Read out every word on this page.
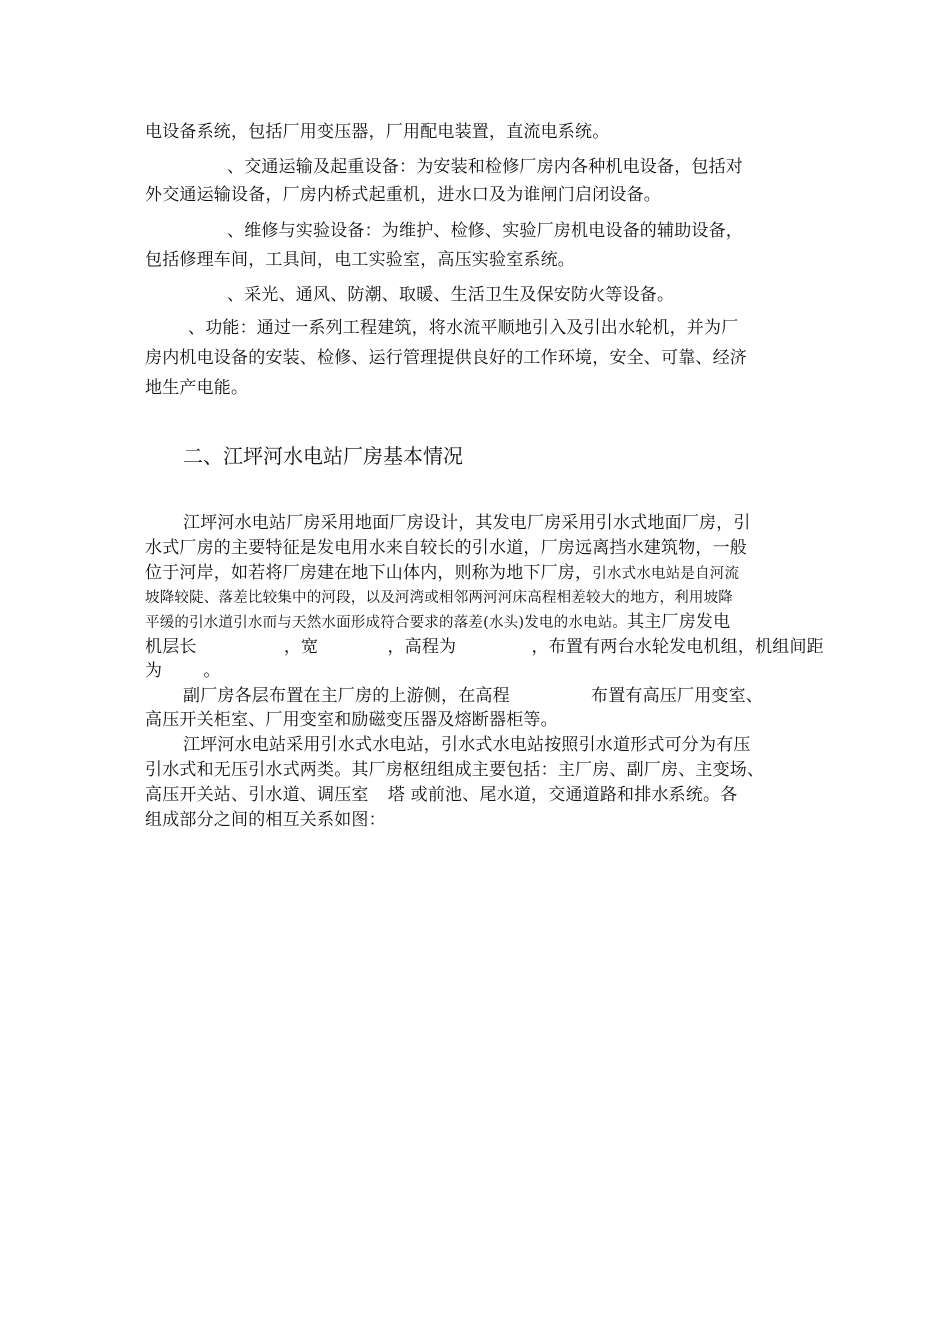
电设备系统，包括厂用变压器，厂用配电装置，直流电系统。
、交通运输及起重设备：为安装和检修厂房内各种机电设备，包括对
外交通运输设备，厂房内桥式起重机，进水口及为谁闸门启闭设备。
、维修与实验设备：为维护、检修、实验厂房机电设备的辅助设备，
包括修理车间，工具间，电工实验室，高压实验室系统。
、采光、通风、防潮、取暖、生活卫生及保安防火等设备。
、功能：通过一系列工程建筑，将水流平顺地引入及引出水轮机，并为厂
房内机电设备的安装、检修、运行管理提供良好的工作环境，安全、可靠、经济
地生产电能。
二、江坪河水电站厂房基本情况
江坪河水电站厂房采用地面厂房设计，其发电厂房采用引水式地面厂房，引
水式厂房的主要特征是发电用水来自较长的引水道，厂房远离挡水建筑物，一般
位于河岸，如若将厂房建在地下山体内，则称为地下厂房，引水式水电站是自河流
坡降较陡、落差比较集中的河段，以及河湾或相邻两河河床高程相差较大的地方，利用坡降
平缓的引水道引水而与天然水面形成符合要求的落差(水头)发电的水电站。其主厂房发电
机层长	，宽	，高程为	，布置有两台水轮发电机组，机组间距
为 。
副厂房各层布置在主厂房的上游侧，在高程	布置有高压厂用变室、
高压开关柜室、厂用变室和励磁变压器及熔断器柜等。
江坪河水电站采用引水式水电站，引水式水电站按照引水道形式可分为有压
引水式和无压引水式两类。其厂房枢纽组成主要包括：主厂房、副厂房、主变场、
高压开关站、引水道、调压室 塔 或前池、尾水道，交通道路和排水系统。各
组成部分之间的相互关系如图：
